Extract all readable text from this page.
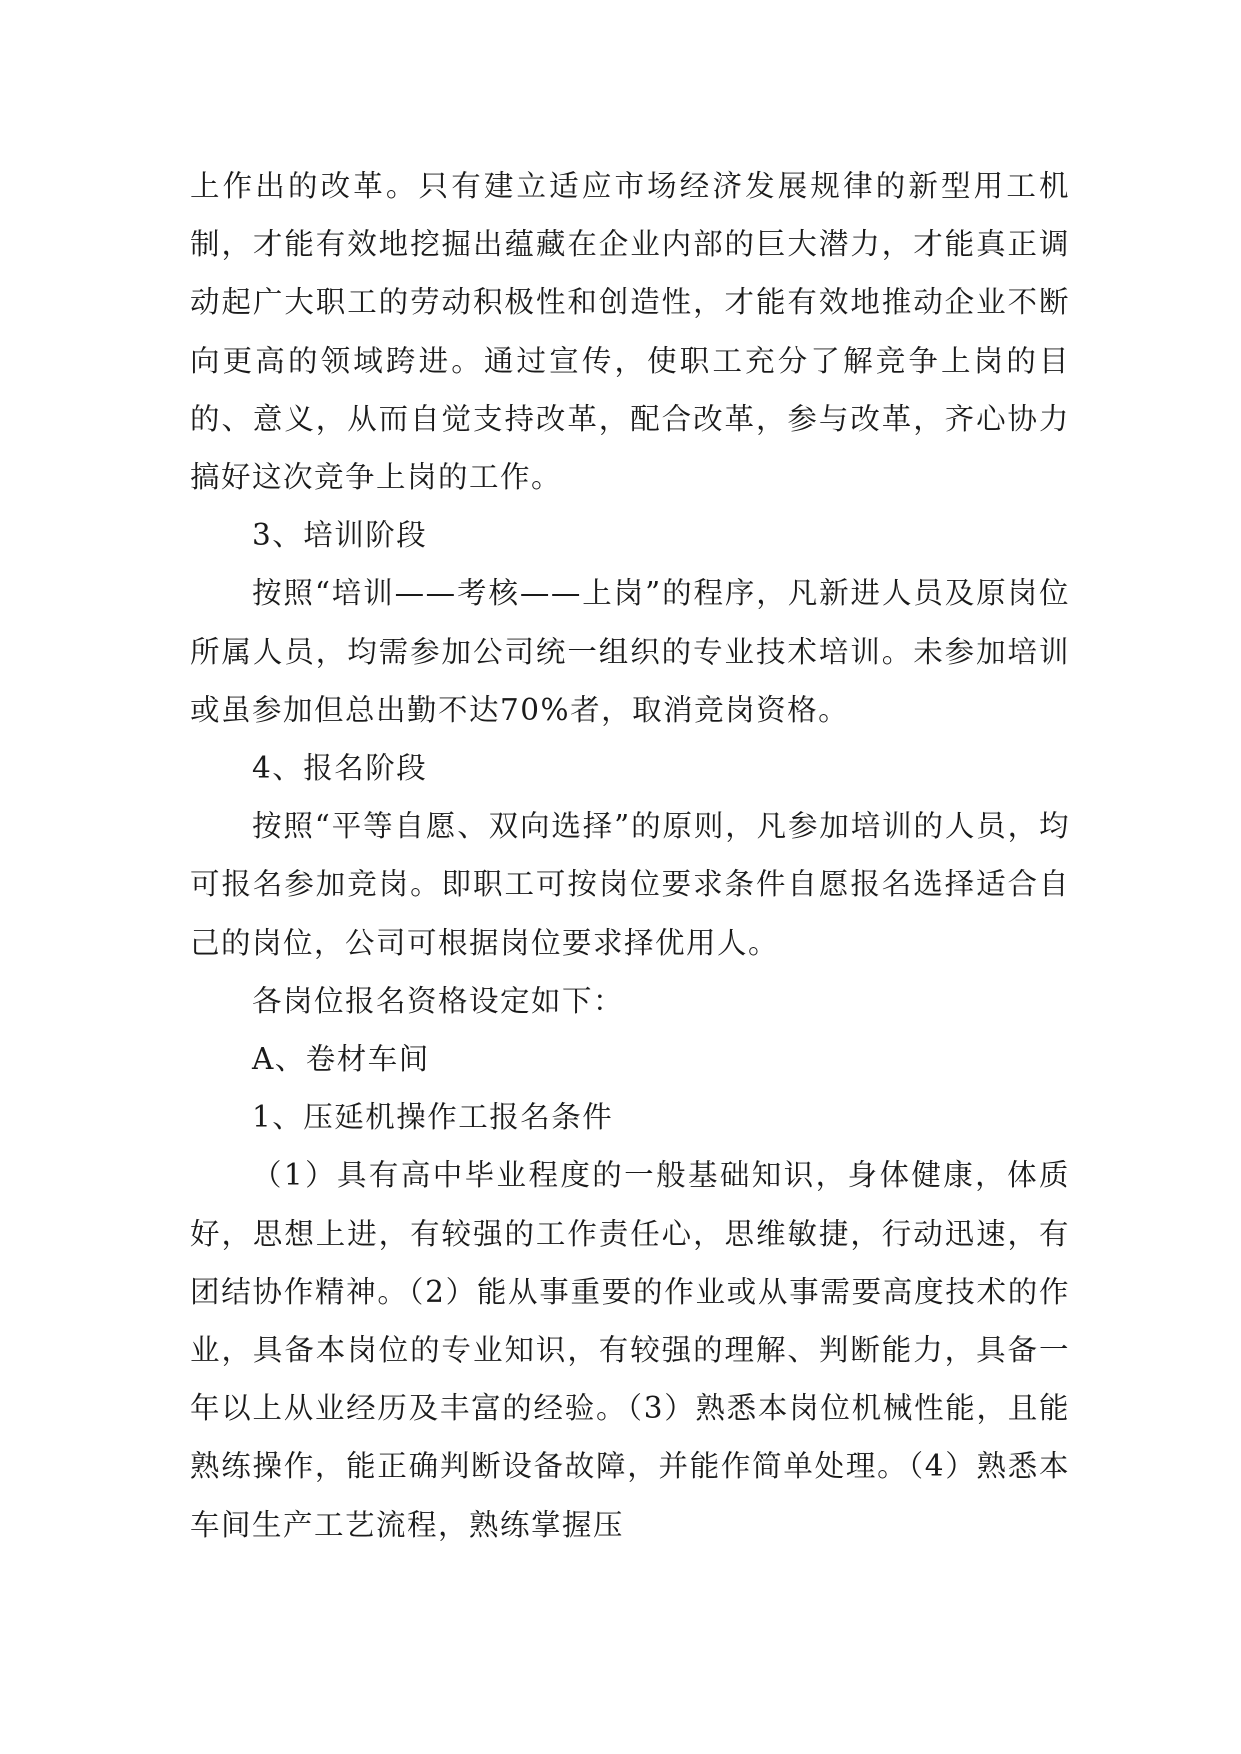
上作出的改革。只有建立适应市场经济发展规律的新型用工机制，才能有效地挖掘出蕴藏在企业内部的巨大潜力，才能真正调动起广大职工的劳动积极性和创造性，才能有效地推动企业不断向更高的领域跨进。通过宣传，使职工充分了解竞争上岗的目的、意义，从而自觉支持改革，配合改革，参与改革，齐心协力搞好这次竞争上岗的工作。

3、培训阶段

按照“培训——考核——上岗”的程序，凡新进人员及原岗位所属人员，均需参加公司统一组织的专业技术培训。未参加培训或虽参加但总出勤不达70%者，取消竞岗资格。

4、报名阶段

按照“平等自愿、双向选择”的原则，凡参加培训的人员，均可报名参加竞岗。即职工可按岗位要求条件自愿报名选择适合自己的岗位，公司可根据岗位要求择优用人。

各岗位报名资格设定如下：

A、卷材车间

1、压延机操作工报名条件

（1）具有高中毕业程度的一般基础知识，身体健康，体质好，思想上进，有较强的工作责任心，思维敏捷，行动迅速，有团结协作精神。（2）能从事重要的作业或从事需要高度技术的作业，具备本岗位的专业知识，有较强的理解、判断能力，具备一年以上从业经历及丰富的经验。（3）熟悉本岗位机械性能，且能熟练操作，能正确判断设备故障，并能作简单处理。（4）熟悉本车间生产工艺流程，熟练掌握压
